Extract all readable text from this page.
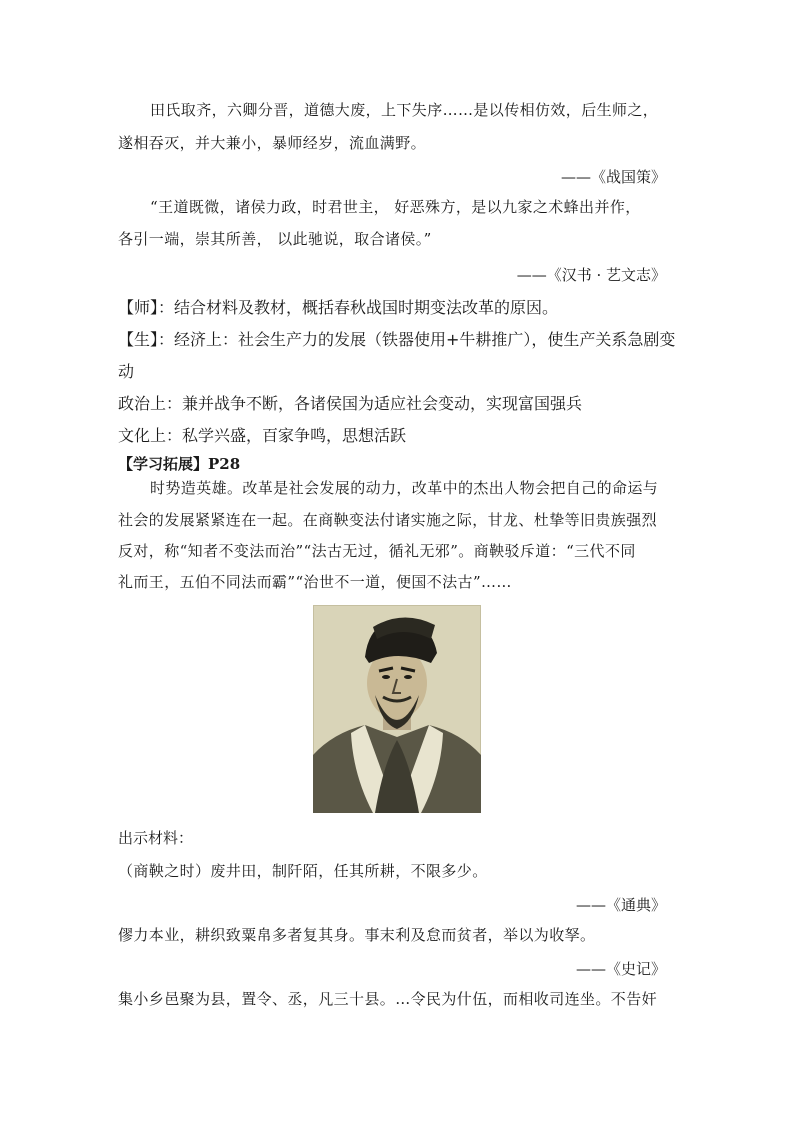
田氏取齐，六卿分晋，道德大废，上下失序……是以传相仿效，后生师之，
遂相吞灭，并大兼小，暴师经岁，流血满野。
——《战国策》
“王道既微，诸侯力政，时君世主， 好恶殊方，是以九家之术蜂出并作，
各引一端，崇其所善， 以此驰说，取合诸侯。”
——《汉书 · 艺文志》
【师】：结合材料及教材，概括春秋战国时期变法改革的原因。
【生】：经济上：社会生产力的发展（铁器使用+牛耕推广），使生产关系急剧变
动
政治上：兼并战争不断，各诸侯国为适应社会变动，实现富国强兵
文化上：私学兴盛，百家争鸣，思想活跃
【学习拓展】P28
时势造英雄。改革是社会发展的动力，改革中的杰出人物会把自己的命运与
社会的发展紧紧连在一起。在商鞅变法付诸实施之际，甘龙、杜挚等旧贵族强烈
反对，称“知者不变法而治”“法古无过，循礼无邪”。商鞅驳斥道：“三代不同
礼而王，五伯不同法而霸”“治世不一道，便国不法古”……
出示材料：
（商鞅之时）废井田，制阡陌，任其所耕，不限多少。
——《通典》
僇力本业，耕织致粟帛多者复其身。事末利及怠而贫者，举以为收孥。
——《史记》
集小乡邑聚为县，置令、丞，凡三十县。…令民为什伍，而相收司连坐。不告奸
